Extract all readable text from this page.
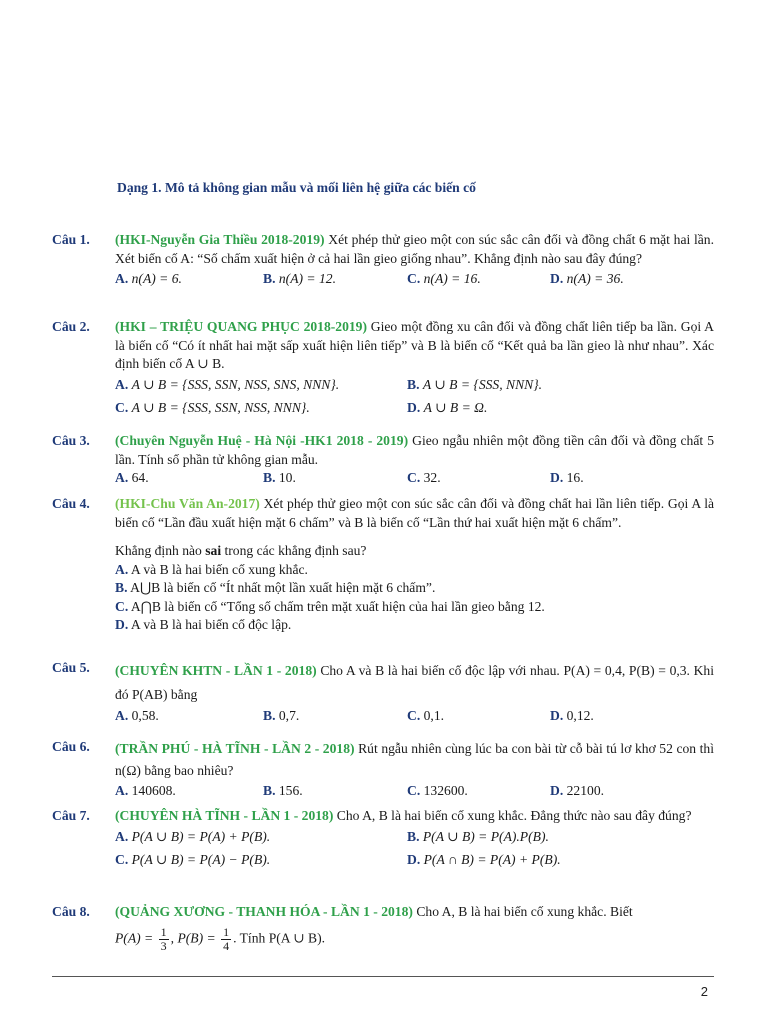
Dạng 1. Mô tả không gian mẫu và mối liên hệ giữa các biến cố
Câu 1. (HKI-Nguyễn Gia Thiều 2018-2019) Xét phép thử gieo một con súc sắc cân đối và đồng chất 6 mặt hai lần. Xét biến cố A: “Số chấm xuất hiện ở cả hai lần gieo giống nhau”. Khẳng định nào sau đây đúng?
A. n(A) = 6.	B. n(A) = 12.	C. n(A) = 16.	D. n(A) = 36.
Câu 2. (HKI – TRIỆU QUANG PHỤC 2018-2019) Gieo một đồng xu cân đối và đồng chất liên tiếp ba lần. Gọi A là biến cố “Có ít nhất hai mặt sấp xuất hiện liên tiếp” và B là biến cố “Kết quả ba lần gieo là như nhau”. Xác định biến cố A ∪ B.
A. A ∪ B = {SSS, SSN, NSS, SNS, NNN}.	B. A ∪ B = {SSS, NNN}.
C. A ∪ B = {SSS, SSN, NSS, NNN}.	D. A ∪ B = Ω.
Câu 3. (Chuyên Nguyễn Huệ - Hà Nội -HK1 2018 - 2019) Gieo ngẫu nhiên một đồng tiền cân đối và đồng chất 5 lần. Tính số phần tử không gian mẫu.
A. 64.	B. 10.	C. 32.	D. 16.
Câu 4. (HKI-Chu Văn An-2017) Xét phép thử gieo một con súc sắc cân đối và đồng chất hai lần liên tiếp. Gọi A là biến cố “Lần đầu xuất hiện mặt 6 chấm” và B là biến cố “Lần thứ hai xuất hiện mặt 6 chấm”.
Khẳng định nào sai trong các khẳng định sau?
A. A và B là hai biến cố xung khắc.
B. A⋃B là biến cố “Ít nhất một lần xuất hiện mặt 6 chấm”.
C. A⋂B là biến cố “Tổng số chấm trên mặt xuất hiện của hai lần gieo bằng 12.
D. A và B là hai biến cố độc lập.
Câu 5. (CHUYÊN KHTN - LẦN 1 - 2018) Cho A và B là hai biến cố độc lập với nhau. P(A) = 0,4, P(B) = 0,3. Khi đó P(AB) bằng
A. 0,58.	B. 0,7.	C. 0,1.	D. 0,12.
Câu 6. (TRẦN PHÚ - HÀ TĨNH - LẦN 2 - 2018) Rút ngẫu nhiên cùng lúc ba con bài từ cỗ bài tú lơ khơ 52 con thì n(Ω) bằng bao nhiêu?
A. 140608.	B. 156.	C. 132600.	D. 22100.
Câu 7. (CHUYÊN HÀ TĨNH - LẦN 1 - 2018) Cho A, B là hai biến cố xung khắc. Đẳng thức nào sau đây đúng?
A. P(A ∪ B) = P(A) + P(B).	B. P(A ∪ B) = P(A).P(B).
C. P(A ∪ B) = P(A) − P(B).	D. P(A ∩ B) = P(A) + P(B).
Câu 8. (QUẢNG XƯƠNG - THANH HÓA - LẦN 1 - 2018) Cho A, B là hai biến cố xung khắc. Biết
$P(A) = \frac{1}{3}$ , $P(B) = \frac{1}{4}$ . Tính P(A ∪ B).
2
